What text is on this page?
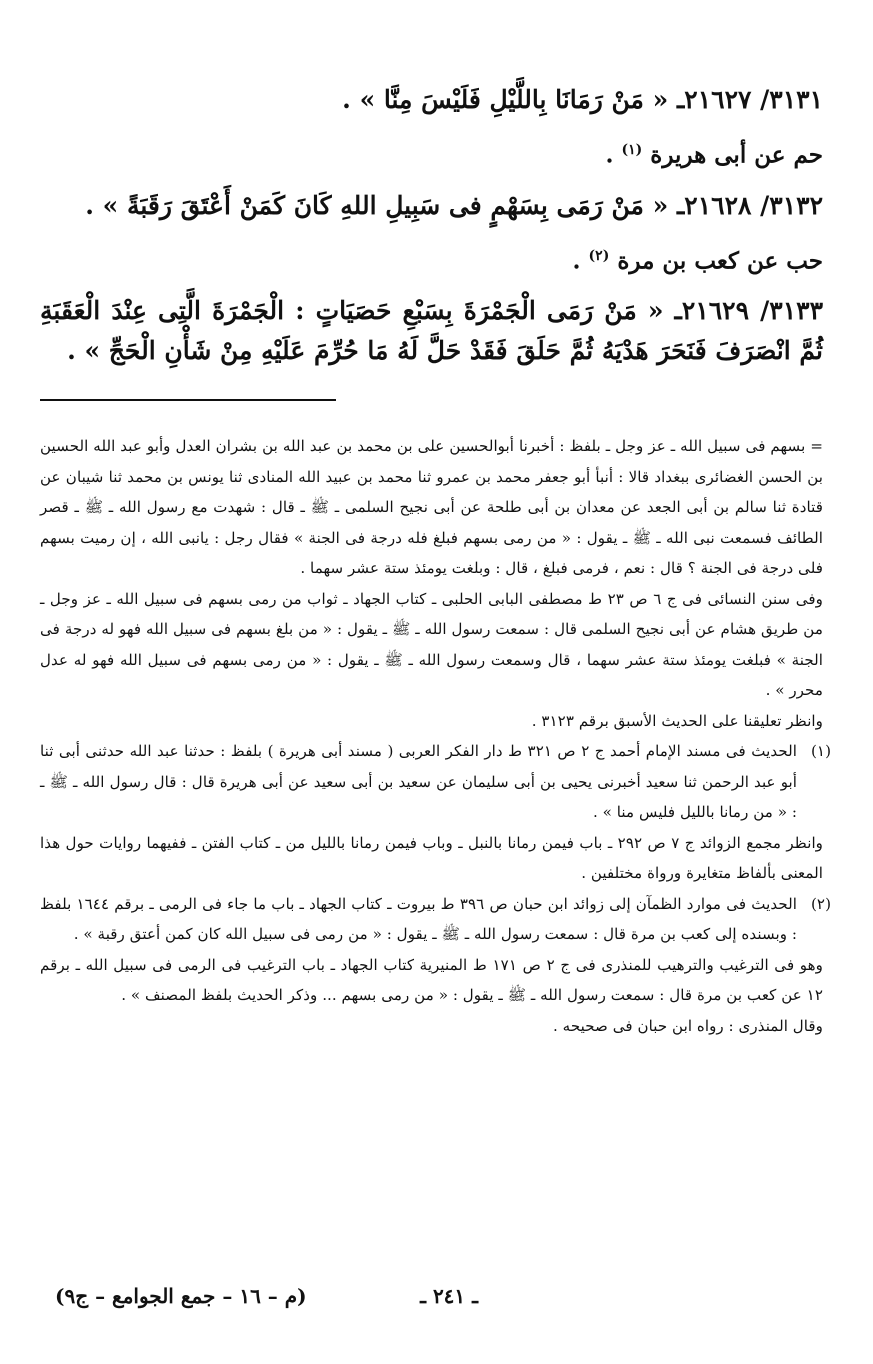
٣١٣١/ ٢١٦٢٧ـ « مَنْ رَمَانَا بِاللَّيْلِ فَلَيْسَ مِنَّا » .
حم عن أبى هريرة $^{(١)}$ .
٣١٣٢/ ٢١٦٢٨ـ « مَنْ رَمَى بِسَهْمٍ فى سَبِيلِ اللهِ كَانَ كَمَنْ أَعْتَقَ رَقَبَةً » .
حب عن كعب بن مرة $^{(٢)}$ .
٣١٣٣/ ٢١٦٢٩ـ « مَنْ رَمَى الْجَمْرَةَ بِسَبْعِ حَصَيَاتٍ : الْجَمْرَةَ الَّتِى عِنْدَ الْعَقَبَةِ ثُمَّ انْصَرَفَ فَنَحَرَ هَدْيَهُ ثُمَّ حَلَقَ فَقَدْ حَلَّ لَهُ مَا حُرِّمَ عَلَيْهِ مِنْ شَأْنِ الْحَجِّ » .

= بسهم فى سبيل الله ـ عز وجل ـ بلفظ : أخبرنا أبوالحسين على بن محمد بن عبد الله بن بشران العدل وأبو عبد الله الحسين بن الحسن الغضائرى ببغداد قالا : أنبأ أبو جعفر محمد بن عمرو ثنا محمد بن عبيد الله المنادى ثنا يونس بن محمد ثنا شيبان عن قتادة ثنا سالم بن أبى الجعد عن معدان بن أبى طلحة عن أبى نجيح السلمى ـ ﷺ ـ قال : شهدت مع رسول الله ـ ﷺ ـ قصر الطائف فسمعت نبى الله ـ ﷺ ـ يقول : « من رمى بسهم فبلغ فله درجة فى الجنة » فقال رجل : يانبى الله ، إن رميت بسهم فلى درجة فى الجنة ؟ قال : نعم ، فرمى فبلغ ، قال : وبلغت يومئذ ستة عشر سهما .

وفى سنن النسائى فى ج ٦ ص ٢٣ ط مصطفى البابى الحلبى ـ كتاب الجهاد ـ ثواب من رمى بسهم فى سبيل الله ـ عز وجل ـ من طريق هشام عن أبى نجيح السلمى قال : سمعت رسول الله ـ ﷺ ـ يقول : « من بلغ بسهم فى سبيل الله فهو له درجة فى الجنة » فبلغت يومئذ ستة عشر سهما ، قال وسمعت رسول الله ـ ﷺ ـ يقول : « من رمى بسهم فى سبيل الله فهو له عدل محرر » .

وانظر تعليقنا على الحديث الأسبق برقم ٣١٢٣ .

(١)
الحديث فى مسند الإمام أحمد ج ٢ ص ٣٢١ ط دار الفكر العربى ( مسند أبى هريرة ) بلفظ : حدثنا عبد الله حدثنى أبى ثنا أبو عبد الرحمن ثنا سعيد أخبرنى يحيى بن أبى سليمان عن سعيد بن أبى سعيد عن أبى هريرة قال : قال رسول الله ـ ﷺ ـ : « من رمانا بالليل فليس منا » .

وانظر مجمع الزوائد ج ٧ ص ٢٩٢ ـ باب فيمن رمانا بالنبل ـ وباب فيمن رمانا بالليل من ـ كتاب الفتن ـ ففيهما روايات حول هذا المعنى بألفاظ متغايرة ورواة مختلفين .

(٢)
الحديث فى موارد الظمآن إلى زوائد ابن حبان ص ٣٩٦ ط بيروت ـ كتاب الجهاد ـ باب ما جاء فى الرمى ـ برقم ١٦٤٤ بلفظ : وبسنده إلى كعب بن مرة قال : سمعت رسول الله ـ ﷺ ـ يقول : « من رمى فى سبيل الله كان كمن أعتق رقبة » .

وهو فى الترغيب والترهيب للمنذرى فى ج ٢ ص ١٧١ ط المنيرية كتاب الجهاد ـ باب الترغيب فى الرمى فى سبيل الله ـ برقم ١٢ عن كعب بن مرة قال : سمعت رسول الله ـ ﷺ ـ يقول : « من رمى بسهم ... وذكر الحديث بلفظ المصنف » .

وقال المنذرى : رواه ابن حبان فى صحيحه .

ـ ٢٤١ ـ
(م – ١٦ – جمع الجوامع – ج٩)
